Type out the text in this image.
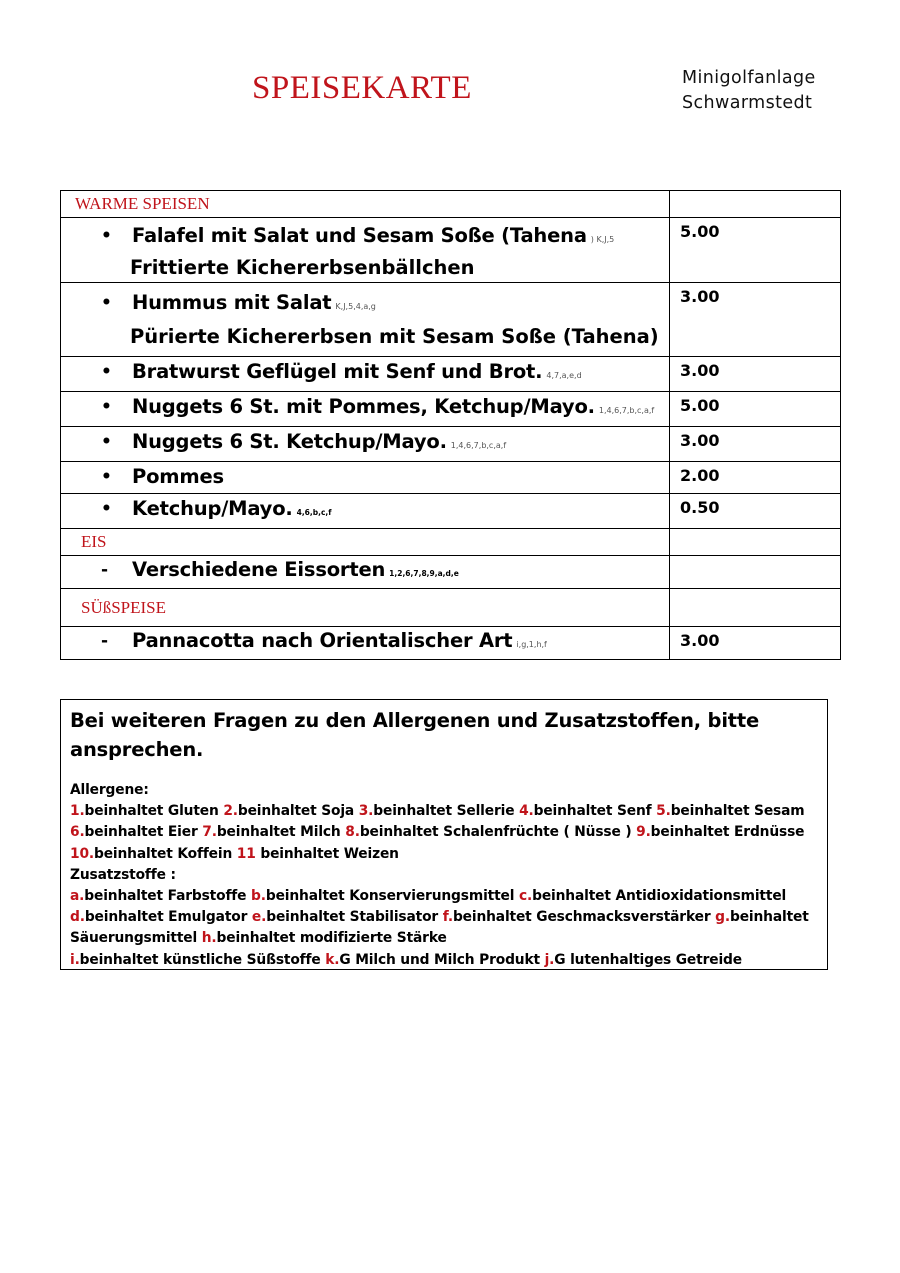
SPEISEKARTE	Minigolfanlage
Schwarmstedt
WARME SPEISEN	

• Falafel mit Salat und Sesam Soße (Tahena ) K,J,5
Frittierte Kichererbsenbällchen	5.00

• Hummus mit Salat K,J,5,4,a,g
Pürierte Kichererbsen mit Sesam Soße (Tahena)	3.00

• Bratwurst Geflügel mit Senf und Brot. 4,7,a,e,d	3.00

• Nuggets 6 St. mit Pommes, Ketchup/Mayo. 1,4,6,7,b,c,a,f	5.00

• Nuggets 6 St. Ketchup/Mayo. 1,4,6,7,b,c,a,f	3.00

• Pommes	2.00

• Ketchup/Mayo. 4,6,b,c,f	0.50

EIS	

- Verschiedene Eissorten 1,2,6,7,8,9,a,d,e	

SÜßSPEISE	

- Pannacotta nach Orientalischer Art i,g,1,h,f	3.00
Bei weiteren Fragen zu den Allergenen und Zusatzstoffen, bitte
ansprechen.
Allergene:
1.beinhaltet Gluten 2.beinhaltet Soja 3.beinhaltet Sellerie 4.beinhaltet Senf 5.beinhaltet Sesam
6.beinhaltet Eier 7.beinhaltet Milch 8.beinhaltet Schalenfrüchte ( Nüsse ) 9.beinhaltet Erdnüsse
10.beinhaltet Koffein 11 beinhaltet Weizen
Zusatzstoffe :
a.beinhaltet Farbstoffe b.beinhaltet Konservierungsmittel c.beinhaltet Antidioxidationsmittel
d.beinhaltet Emulgator e.beinhaltet Stabilisator f.beinhaltet Geschmacksverstärker g.beinhaltet
Säuerungsmittel h.beinhaltet modifizierte Stärke
i.beinhaltet künstliche Süßstoffe k.G Milch und Milch Produkt j.G lutenhaltiges Getreide
